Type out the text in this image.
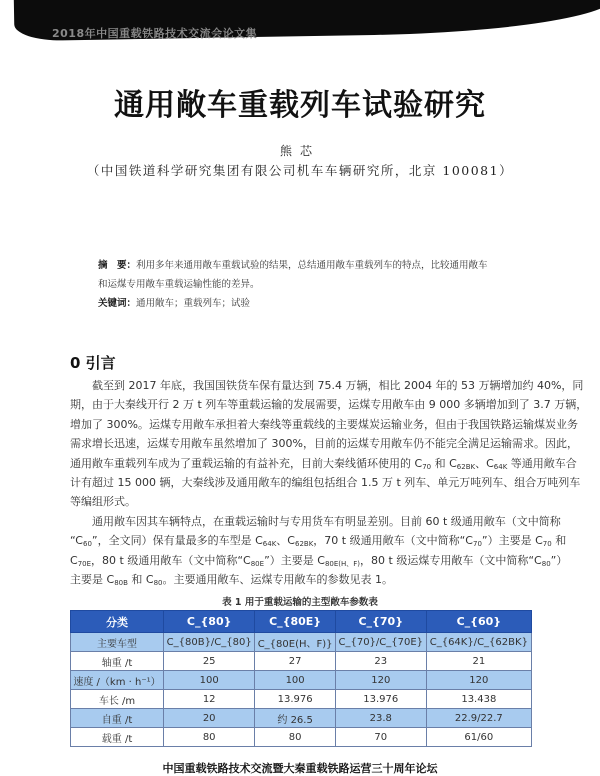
2018年中国重载铁路技术交流会论文集
通用敞车重载列车试验研究
熊芯
（中国铁道科学研究集团有限公司机车车辆研究所，北京 100081）
摘　要：利用多年来通用敞车重载试验的结果，总结通用敞车重载列车的特点，比较通用敞车
和运煤专用敞车重载运输性能的差异。
关键词：通用敞车；重载列车；试验
0 引言
截至到 2017 年底，我国国铁货车保有量达到 75.4 万辆，相比 2004 年的 53 万辆增加约 40%，同
期，由于大秦线开行 2 万 t 列车等重载运输的发展需要，运煤专用敞车由 9 000 多辆增加到了 3.7 万辆，
增加了 300%。运煤专用敞车承担着大秦线等重载线的主要煤炭运输业务，但由于我国铁路运输煤炭业务
需求增长迅速，运煤专用敞车虽然增加了 300%，目前的运煤专用敞车仍不能完全满足运输需求。因此，
通用敞车重载列车成为了重载运输的有益补充，目前大秦线循环使用的 $C_{70}$ 和 $C_{62BK}$、$C_{64K}$ 等通用敞车合
计有超过 15 000 辆，大秦线涉及通用敞车的编组包括组合 1.5 万 t 列车、单元万吨列车、组合万吨列车
等编组形式。
通用敞车因其车辆特点，在重载运输时与专用货车有明显差别。目前 60 t 级通用敞车（文中简称
“$C_{60}$”，全文同）保有量最多的车型是 $C_{64K}$、$C_{62BK}$，70 t 级通用敞车（文中简称“$C_{70}$”）主要是 $C_{70}$ 和
$C_{70E}$，80 t 级通用敞车（文中简称“$C_{80E}$”）主要是 $C_{80E(H、F)}$，80 t 级运煤专用敞车（文中简称“$C_{80}$”）
主要是 $C_{80B}$ 和 $C_{80}$。主要通用敞车、运煤专用敞车的参数见表 1。
表 1 用于重载运输的主型敞车参数表
分类	C_{80}	C_{80E}	C_{70}	C_{60}
主要车型	C_{80B}/C_{80}	C_{80E(H、F)}	C_{70}/C_{70E}	C_{64K}/C_{62BK}
轴重 /t	25	27	23	21
速度 /（km · h⁻¹）	100	100	120	120
车长 /m	12	13.976	13.976	13.438
自重 /t	20	约 26.5	23.8	22.9/22.7
载重 /t	80	80	70	61/60
中国重载铁路技术交流暨大秦重载铁路运营三十周年论坛
